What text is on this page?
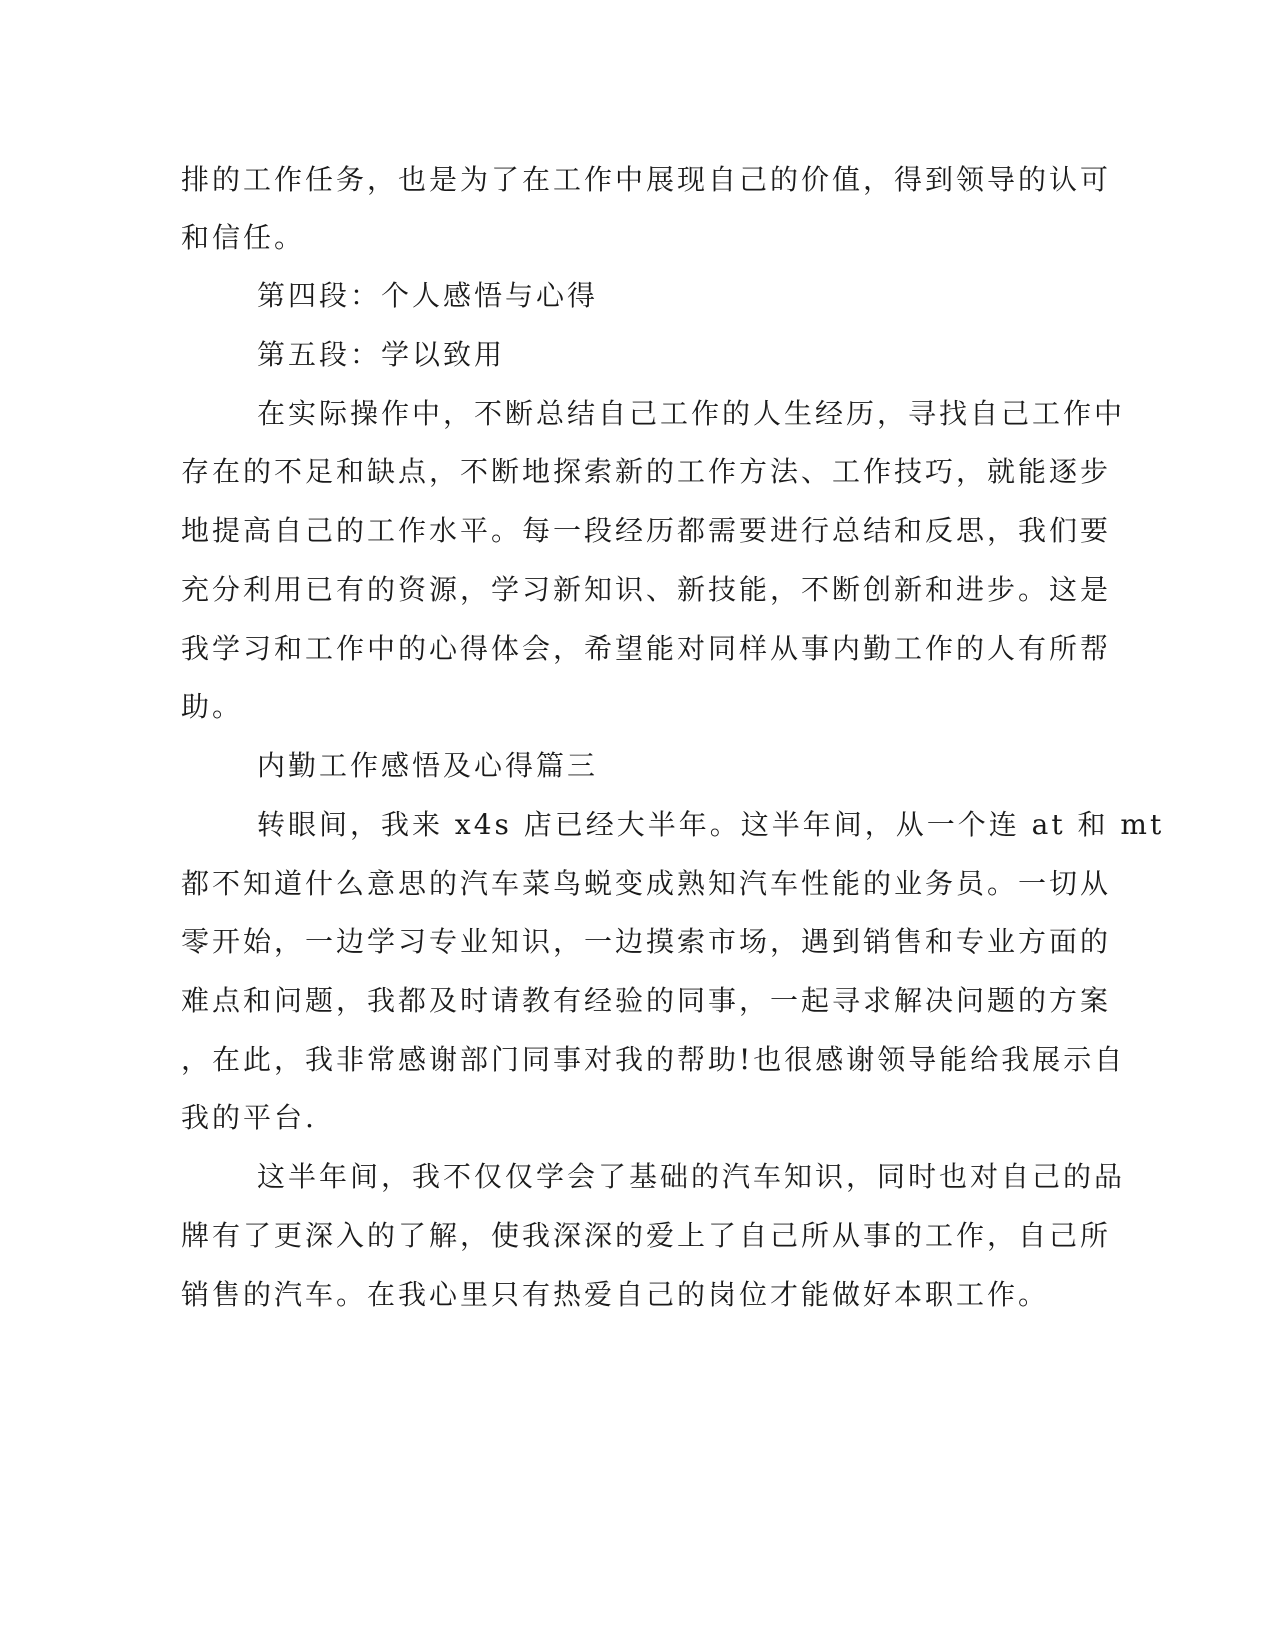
排的工作任务，也是为了在工作中展现自己的价值，得到领导的认可
和信任。
第四段：个人感悟与心得
第五段：学以致用
在实际操作中，不断总结自己工作的人生经历，寻找自己工作中
存在的不足和缺点，不断地探索新的工作方法、工作技巧，就能逐步
地提高自己的工作水平。每一段经历都需要进行总结和反思，我们要
充分利用已有的资源，学习新知识、新技能，不断创新和进步。这是
我学习和工作中的心得体会，希望能对同样从事内勤工作的人有所帮
助。
内勤工作感悟及心得篇三
转眼间，我来 x4s 店已经大半年。这半年间，从一个连 at 和 mt
都不知道什么意思的汽车菜鸟蜕变成熟知汽车性能的业务员。一切从
零开始，一边学习专业知识，一边摸索市场，遇到销售和专业方面的
难点和问题，我都及时请教有经验的同事，一起寻求解决问题的方案
，在此，我非常感谢部门同事对我的帮助!也很感谢领导能给我展示自
我的平台.
这半年间，我不仅仅学会了基础的汽车知识，同时也对自己的品
牌有了更深入的了解，使我深深的爱上了自己所从事的工作，自己所
销售的汽车。在我心里只有热爱自己的岗位才能做好本职工作。
